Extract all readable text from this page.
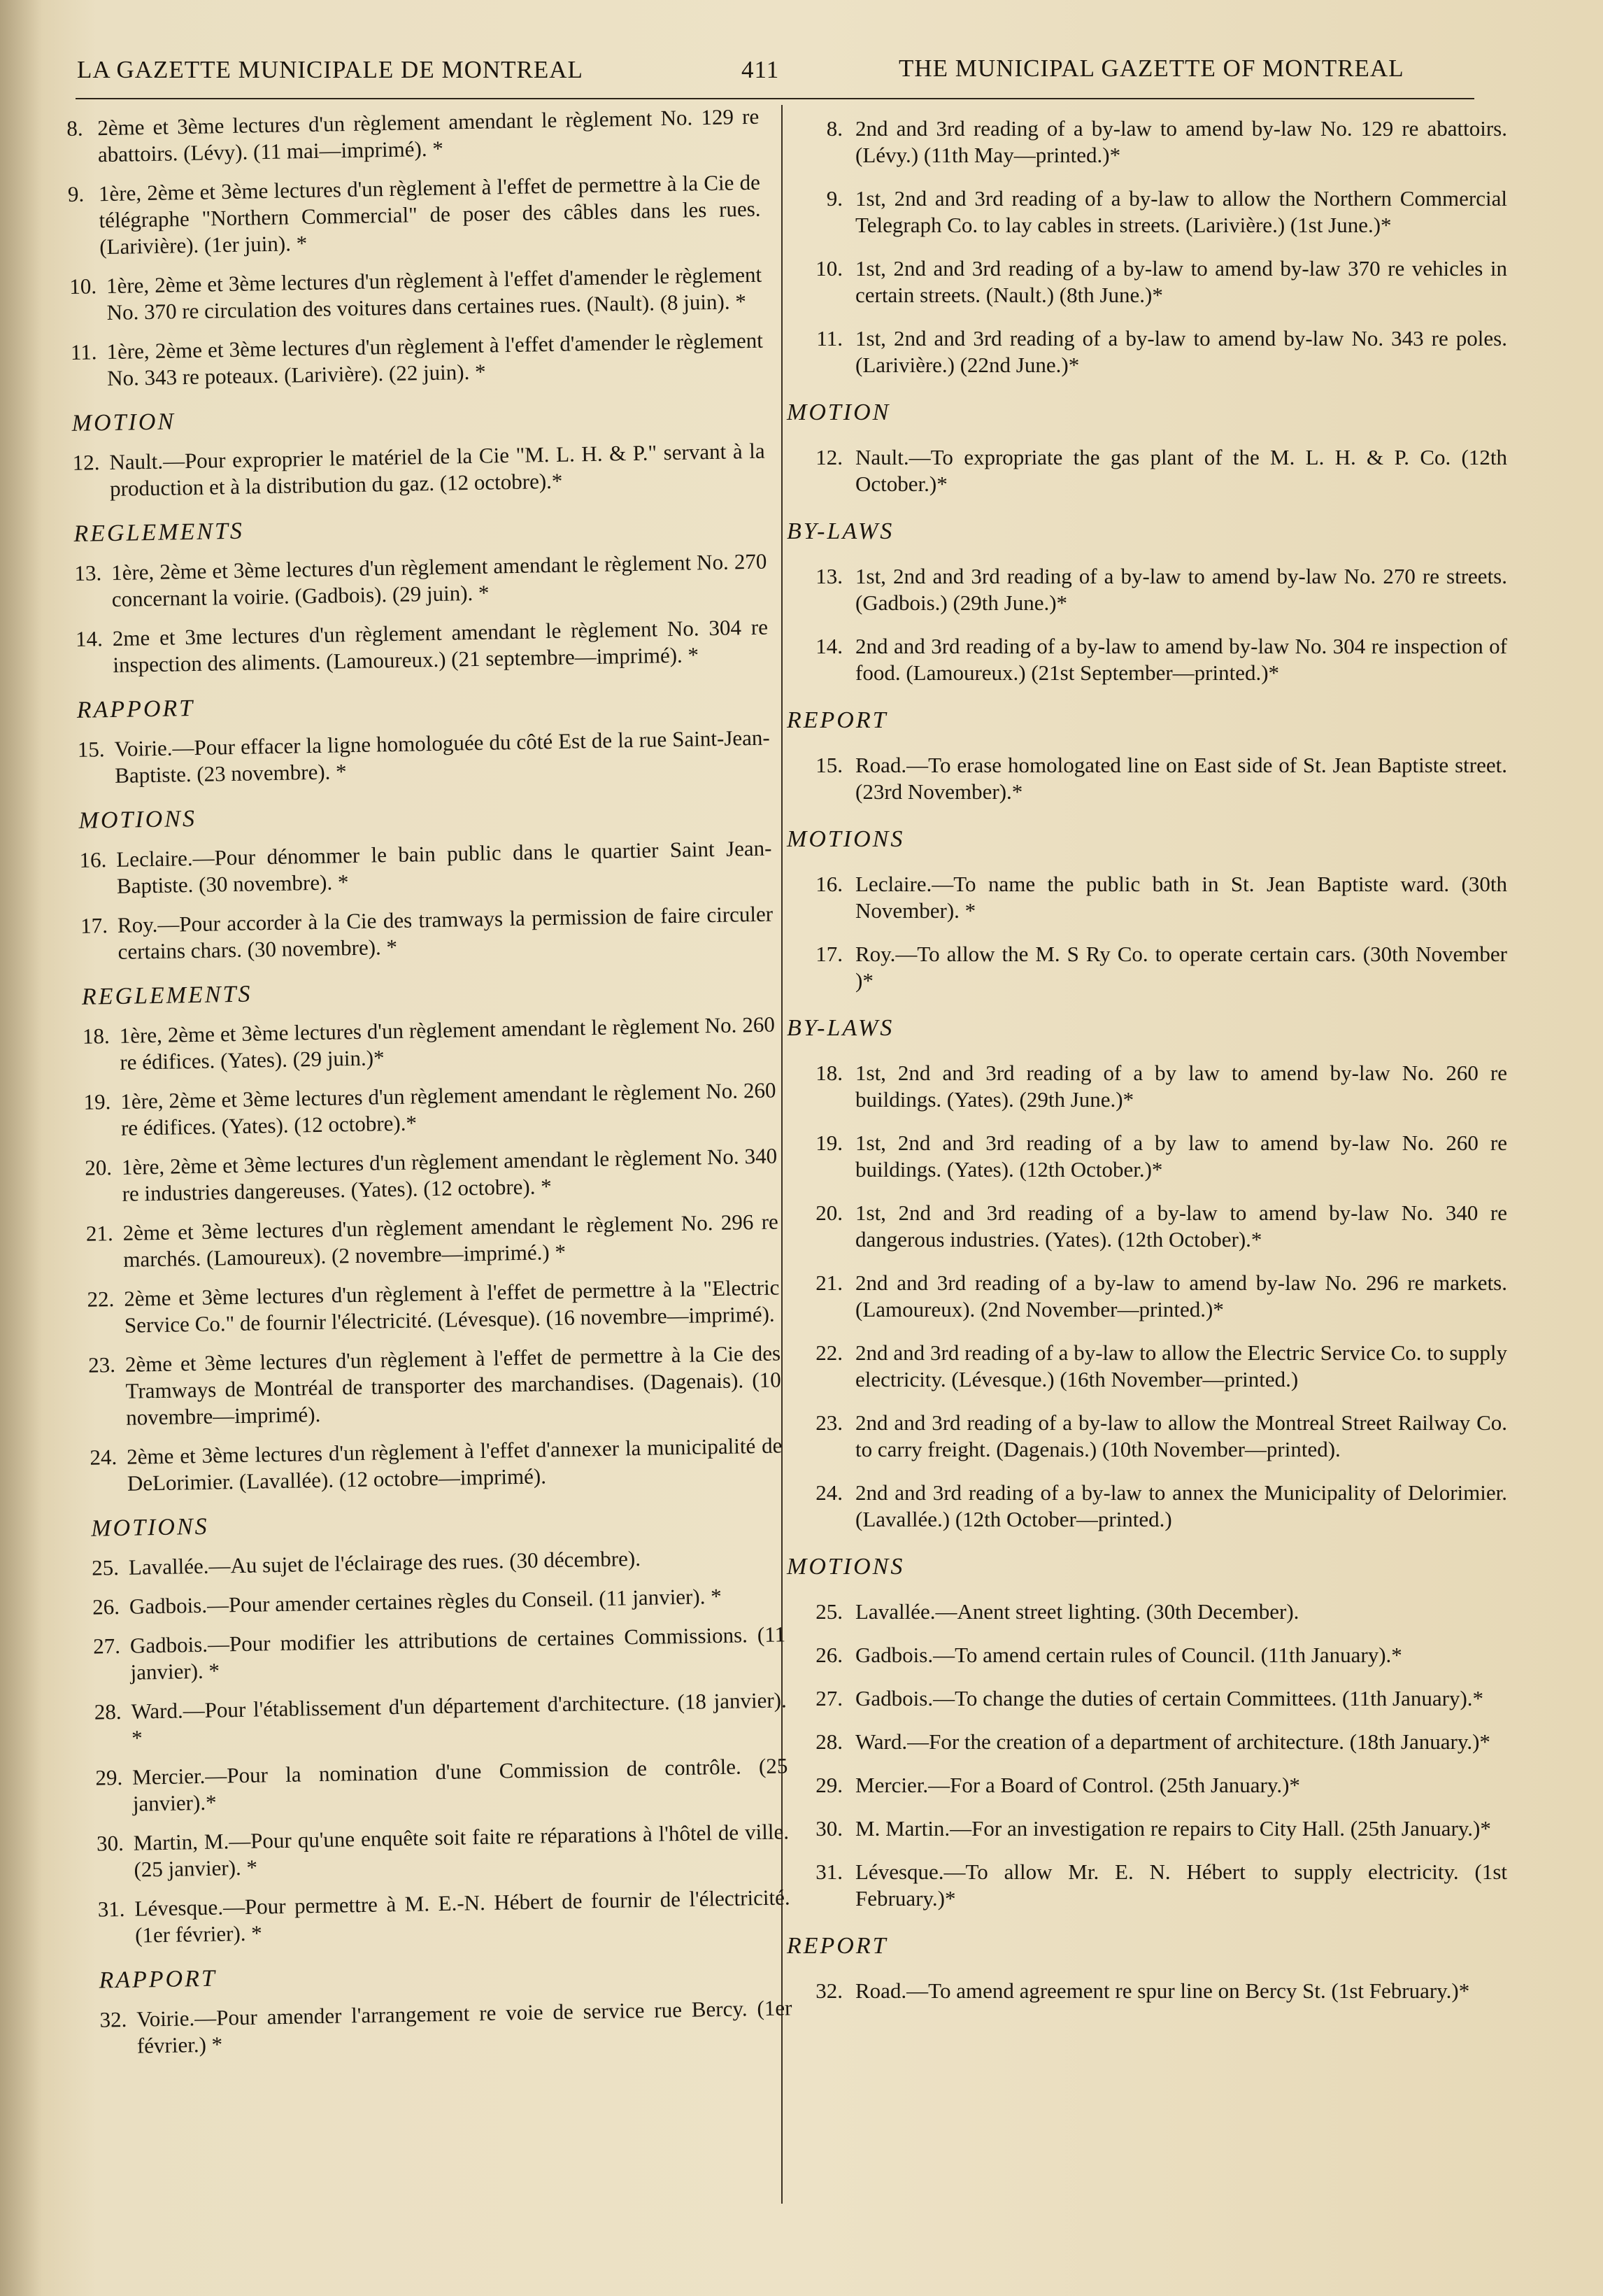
LA GAZETTE MUNICIPALE DE MONTREAL	411	THE MUNICIPAL GAZETTE OF MONTREAL
8. 2ème et 3ème lectures d'un règlement amendant le règlement No. 129 re abattoirs. (Lévy). (11 mai—imprimé). *
9. 1ère, 2ème et 3ème lectures d'un règlement à l'effet de permettre à la Cie de télégraphe "Northern Commercial" de poser des câbles dans les rues. (Larivière). (1er juin). *
10. 1ère, 2ème et 3ème lectures d'un règlement à l'effet d'amender le règlement No. 370 re circulation des voitures dans certaines rues. (Nault). (8 juin). *
11. 1ère, 2ème et 3ème lectures d'un règlement à l'effet d'amender le règlement No. 343 re poteaux. (Larivière). (22 juin). *
MOTION
12. Nault.—Pour exproprier le matériel de la Cie "M. L. H. & P." servant à la production et à la distribution du gaz. (12 octobre).*
REGLEMENTS
13. 1ère, 2ème et 3ème lectures d'un règlement amendant le règlement No. 270 concernant la voirie. (Gadbois). (29 juin). *
14. 2me et 3me lectures d'un règlement amendant le règlement No. 304 re inspection des aliments. (Lamoureux.) (21 septembre—imprimé). *
RAPPORT
15. Voirie.—Pour effacer la ligne homologuée du côté Est de la rue Saint-Jean-Baptiste. (23 novembre). *
MOTIONS
16. Leclaire.—Pour dénommer le bain public dans le quartier Saint Jean-Baptiste. (30 novembre). *
17. Roy.—Pour accorder à la Cie des tramways la permission de faire circuler certains chars. (30 novembre). *
REGLEMENTS
18. 1ère, 2ème et 3ème lectures d'un règlement amendant le règlement No. 260 re édifices. (Yates). (29 juin.)*
19. 1ère, 2ème et 3ème lectures d'un règlement amendant le règlement No. 260 re édifices. (Yates). (12 octobre).*
20. 1ère, 2ème et 3ème lectures d'un règlement amendant le règlement No. 340 re industries dangereuses. (Yates). (12 octobre). *
21. 2ème et 3ème lectures d'un règlement amendant le règlement No. 296 re marchés. (Lamoureux). (2 novembre—imprimé.) *
22. 2ème et 3ème lectures d'un règlement à l'effet de permettre à la "Electric Service Co." de fournir l'électricité. (Lévesque). (16 novembre—imprimé).
23. 2ème et 3ème lectures d'un règlement à l'effet de permettre à la Cie des Tramways de Montréal de transporter des marchandises. (Dagenais). (10 novembre—imprimé).
24. 2ème et 3ème lectures d'un règlement à l'effet d'annexer la municipalité de DeLorimier. (Lavallée). (12 octobre—imprimé).
MOTIONS
25. Lavallée.—Au sujet de l'éclairage des rues. (30 décembre).
26. Gadbois.—Pour amender certaines règles du Conseil. (11 janvier). *
27. Gadbois.—Pour modifier les attributions de certaines Commissions. (11 janvier). *
28. Ward.—Pour l'établissement d'un département d'architecture. (18 janvier). *
29. Mercier.—Pour la nomination d'une Commission de contrôle. (25 janvier).*
30. Martin, M.—Pour qu'une enquête soit faite re réparations à l'hôtel de ville. (25 janvier). *
31. Lévesque.—Pour permettre à M. E.-N. Hébert de fournir de l'électricité. (1er février). *
RAPPORT
32. Voirie.—Pour amender l'arrangement re voie de service rue Bercy. (1er février.) *
8. 2nd and 3rd reading of a by-law to amend by-law No. 129 re abattoirs. (Lévy.) (11th May—printed.)*
9. 1st, 2nd and 3rd reading of a by-law to allow the Northern Commercial Telegraph Co. to lay cables in streets. (Larivière.) (1st June.)*
10. 1st, 2nd and 3rd reading of a by-law to amend by-law 370 re vehicles in certain streets. (Nault.) (8th June.)*
11. 1st, 2nd and 3rd reading of a by-law to amend by-law No. 343 re poles. (Larivière.) (22nd June.)*
MOTION
12. Nault.—To expropriate the gas plant of the M. L. H. & P. Co. (12th October.)*
BY-LAWS
13. 1st, 2nd and 3rd reading of a by-law to amend by-law No. 270 re streets. (Gadbois.) (29th June.)*
14. 2nd and 3rd reading of a by-law to amend by-law No. 304 re inspection of food. (Lamoureux.) (21st September—printed.)*
REPORT
15. Road.—To erase homologated line on East side of St. Jean Baptiste street. (23rd November).*
MOTIONS
16. Leclaire.—To name the public bath in St. Jean Baptiste ward. (30th November). *
17. Roy.—To allow the M. S Ry Co. to operate certain cars. (30th November )*
BY-LAWS
18. 1st, 2nd and 3rd reading of a by law to amend by-law No. 260 re buildings. (Yates). (29th June.)*
19. 1st, 2nd and 3rd reading of a by law to amend by-law No. 260 re buildings. (Yates). (12th October.)*
20. 1st, 2nd and 3rd reading of a by-law to amend by-law No. 340 re dangerous industries. (Yates). (12th October).*
21. 2nd and 3rd reading of a by-law to amend by-law No. 296 re markets. (Lamoureux). (2nd November—printed.)*
22. 2nd and 3rd reading of a by-law to allow the Electric Service Co. to supply electricity. (Lévesque.) (16th November—printed.)
23. 2nd and 3rd reading of a by-law to allow the Montreal Street Railway Co. to carry freight. (Dagenais.) (10th November—printed).
24. 2nd and 3rd reading of a by-law to annex the Municipality of Delorimier. (Lavallée.) (12th October—printed.)
MOTIONS
25. Lavallée.—Anent street lighting. (30th December).
26. Gadbois.—To amend certain rules of Council. (11th January).*
27. Gadbois.—To change the duties of certain Committees. (11th January).*
28. Ward.—For the creation of a department of architecture. (18th January.)*
29. Mercier.—For a Board of Control. (25th January.)*
30. M. Martin.—For an investigation re repairs to City Hall. (25th January.)*
31. Lévesque.—To allow Mr. E. N. Hébert to supply electricity. (1st February.)*
REPORT
32. Road.—To amend agreement re spur line on Bercy St. (1st February.)*
